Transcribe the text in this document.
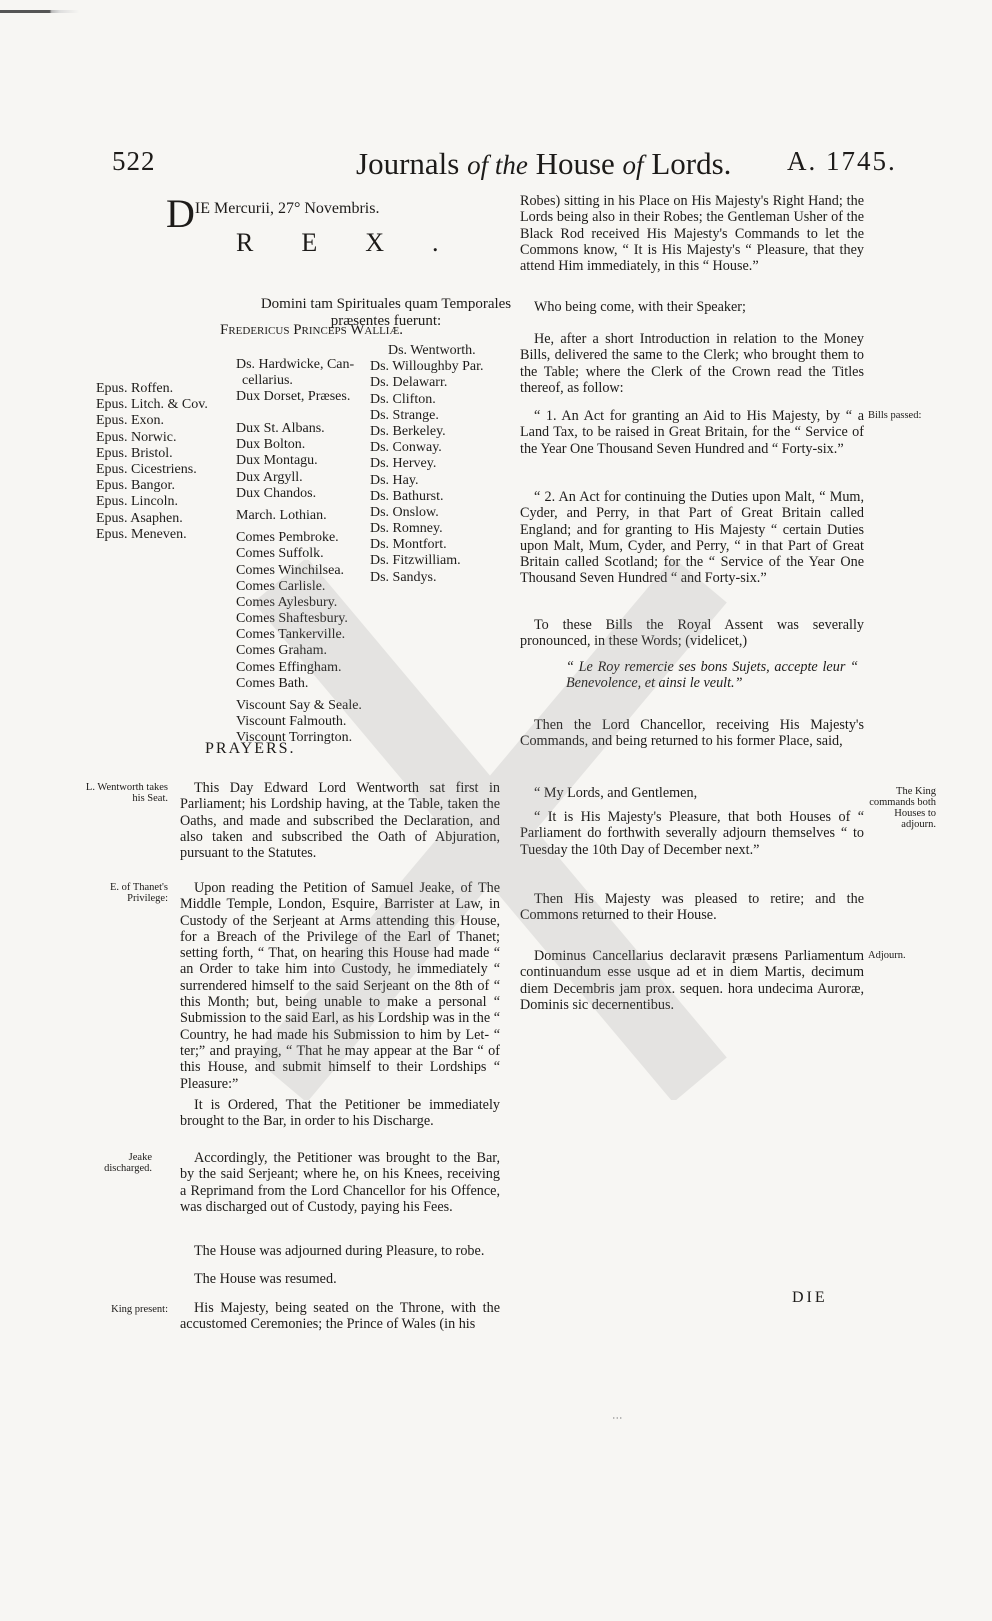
522	Journals of the House of Lords. A. 1745.
DIE Mercurii, 27° Novembris.
REX.
Domini tam Spirituales quam Temporales præsentes fuerunt:
Fredericus Princeps Walliæ.
Epus. Roffen.
Epus. Litch. & Cov.
Epus. Exon.
Epus. Norwic.
Epus. Bristol.
Epus. Cicestriens.
Epus. Bangor.
Epus. Lincoln.
Epus. Asaphen.
Epus. Meneven.
Ds. Hardwicke, Can-
cellarius.
Dux Dorset, Præses.
Dux St. Albans.
Dux Bolton.
Dux Montagu.
Dux Argyll.
Dux Chandos.
March. Lothian.
Comes Pembroke.
Comes Suffolk.
Comes Winchilsea.
Comes Carlisle.
Comes Aylesbury.
Comes Shaftesbury.
Comes Tankerville.
Comes Graham.
Comes Effingham.
Comes Bath.
Viscount Say & Seale.
Viscount Falmouth.
Viscount Torrington.
Ds. Wentworth.
Ds. Willoughby Par.
Ds. Delawarr.
Ds. Clifton.
Ds. Strange.
Ds. Berkeley.
Ds. Conway.
Ds. Hervey.
Ds. Hay.
Ds. Bathurst.
Ds. Onslow.
Ds. Romney.
Ds. Montfort.
Ds. Fitzwilliam.
Ds. Sandys.
PRAYERS.
L. Wentworth takes his Seat.

This Day Edward Lord Wentworth sat first in Parliament; his Lordship having, at the Table, taken the Oaths, and made and subscribed the Declaration, and also taken and subscribed the Oath of Abjuration, pursuant to the Statutes.

E. of Thanet's Privilege:

Upon reading the Petition of Samuel Jeake, of The Middle Temple, London, Esquire, Barrister at Law, in Custody of the Serjeant at Arms attending this House, for a Breach of the Privilege of the Earl of Thanet; setting forth, “ That, on hearing this House had made “ an Order to take him into Custody, he immediately “ surrendered himself to the said Serjeant on the 8th of “ this Month; but, being unable to make a personal “ Submission to the said Earl, as his Lordship was in the “ Country, he had made his Submission to him by Let- “ ter;” and praying, “ That he may appear at the Bar “ of this House, and submit himself to their Lordships “ Pleasure:”

It is Ordered, That the Petitioner be immediately brought to the Bar, in order to his Discharge.

Jeake discharged.

Accordingly, the Petitioner was brought to the Bar, by the said Serjeant; where he, on his Knees, receiving a Reprimand from the Lord Chancellor for his Offence, was discharged out of Custody, paying his Fees.

The House was adjourned during Pleasure, to robe.

The House was resumed.

King present:	His Majesty, being seated on the Throne, with the accustomed Ceremonies; the Prince of Wales (in his

Robes) sitting in his Place on His Majesty's Right Hand; the Lords being also in their Robes; the Gentleman Usher of the Black Rod received His Majesty's Commands to let the Commons know, “ It is His Majesty's “ Pleasure, that they attend Him immediately, in this “ House.”

Who being come, with their Speaker;

He, after a short Introduction in relation to the Money Bills, delivered the same to the Clerk; who brought them to the Table; where the Clerk of the Crown read the Titles thereof, as follow:

Bills passed:

“ 1. An Act for granting an Aid to His Majesty, by “ a Land Tax, to be raised in Great Britain, for the “ Service of the Year One Thousand Seven Hundred and “ Forty-six.”

“ 2. An Act for continuing the Duties upon Malt, “ Mum, Cyder, and Perry, in that Part of Great Britain called England; and for granting to His Majesty “ certain Duties upon Malt, Mum, Cyder, and Perry, “ in that Part of Great Britain called Scotland; for the “ Service of the Year One Thousand Seven Hundred “ and Forty-six.”

To these Bills the Royal Assent was severally pronounced, in these Words; (videlicet,)

“ Le Roy remercie ses bons Sujets, accepte leur “ Benevolence, et ainsi le veult.”

Then the Lord Chancellor, receiving His Majesty's Commands, and being returned to his former Place, said,

“ My Lords, and Gentlemen,	The King commands both Houses to adjourn.

“ It is His Majesty's Pleasure, that both Houses of “ Parliament do forthwith severally adjourn themselves “ to Tuesday the 10th Day of December next.”

Then His Majesty was pleased to retire; and the Commons returned to their House.

Adjourn.

Dominus Cancellarius declaravit præsens Parliamentum continuandum esse usque ad et in diem Martis, decimum diem Decembris jam prox. sequen. hora undecima Auroræ, Dominis sic decernentibus.

DIE
‧‧‧
